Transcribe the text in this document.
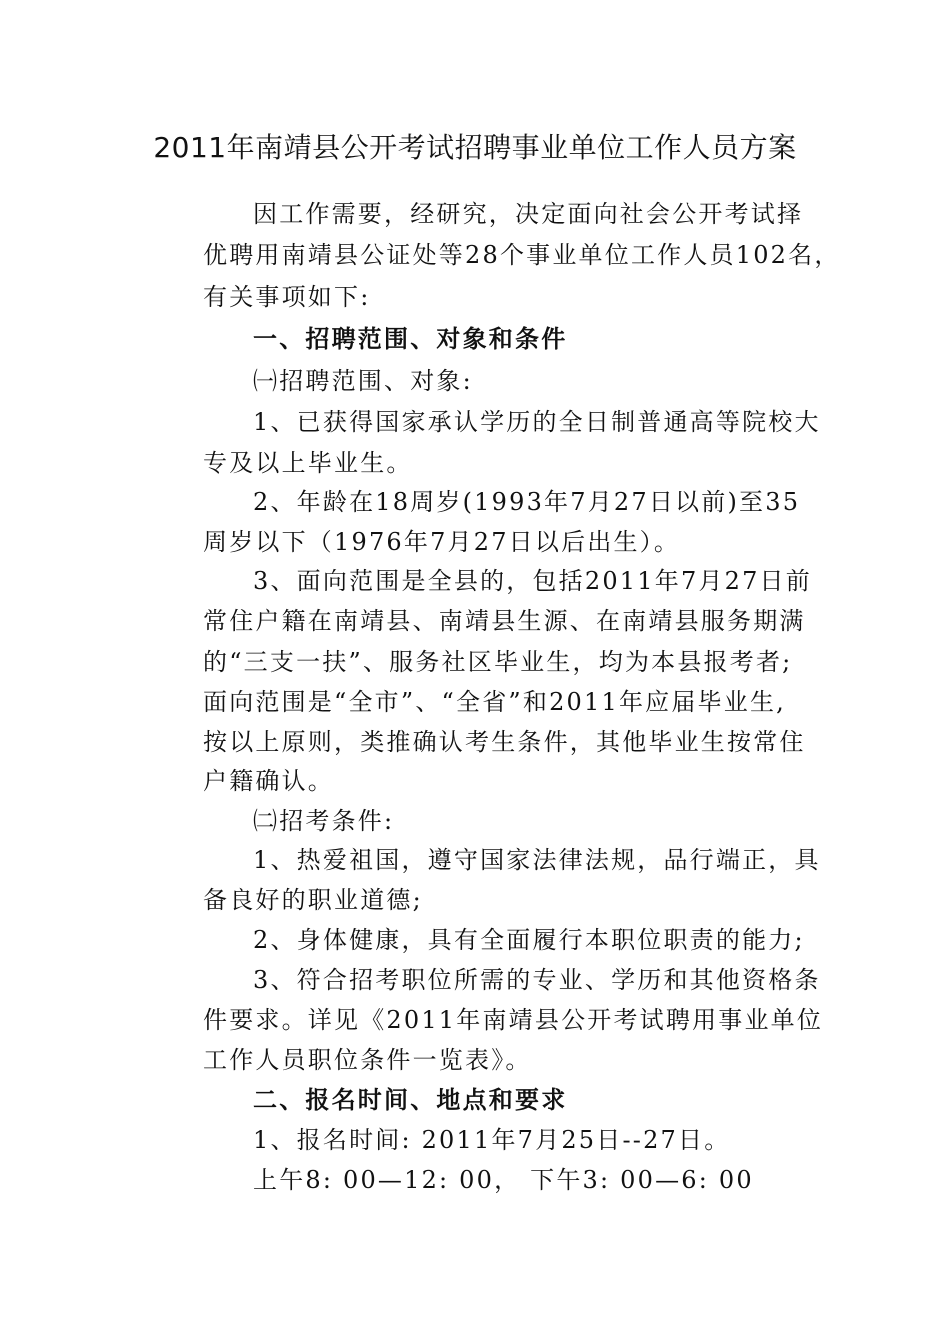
2011年南靖县公开考试招聘事业单位工作人员方案
因工作需要，经研究，决定面向社会公开考试择
优聘用南靖县公证处等28个事业单位工作人员102名，
有关事项如下:
一、招聘范围、对象和条件
㈠招聘范围、对象:
1、已获得国家承认学历的全日制普通高等院校大
专及以上毕业生。
2、年龄在18周岁(1993年7月27日以前)至35
周岁以下（1976年7月27日以后出生）。
3、面向范围是全县的，包括2011年7月27日前
常住户籍在南靖县、南靖县生源、在南靖县服务期满
的“三支一扶”、服务社区毕业生，均为本县报考者;
面向范围是“全市”、“全省”和2011年应届毕业生,
按以上原则，类推确认考生条件，其他毕业生按常住
户籍确认。
㈡招考条件:
1、热爱祖国，遵守国家法律法规，品行端正，具
备良好的职业道德;
2、身体健康，具有全面履行本职位职责的能力;
3、符合招考职位所需的专业、学历和其他资格条
件要求。详见《2011年南靖县公开考试聘用事业单位
工作人员职位条件一览表》。
二、报名时间、地点和要求
1、报名时间: 2011年7月25日--27日。
上午8: 00—12: 00， 下午3: 00—6: 00
